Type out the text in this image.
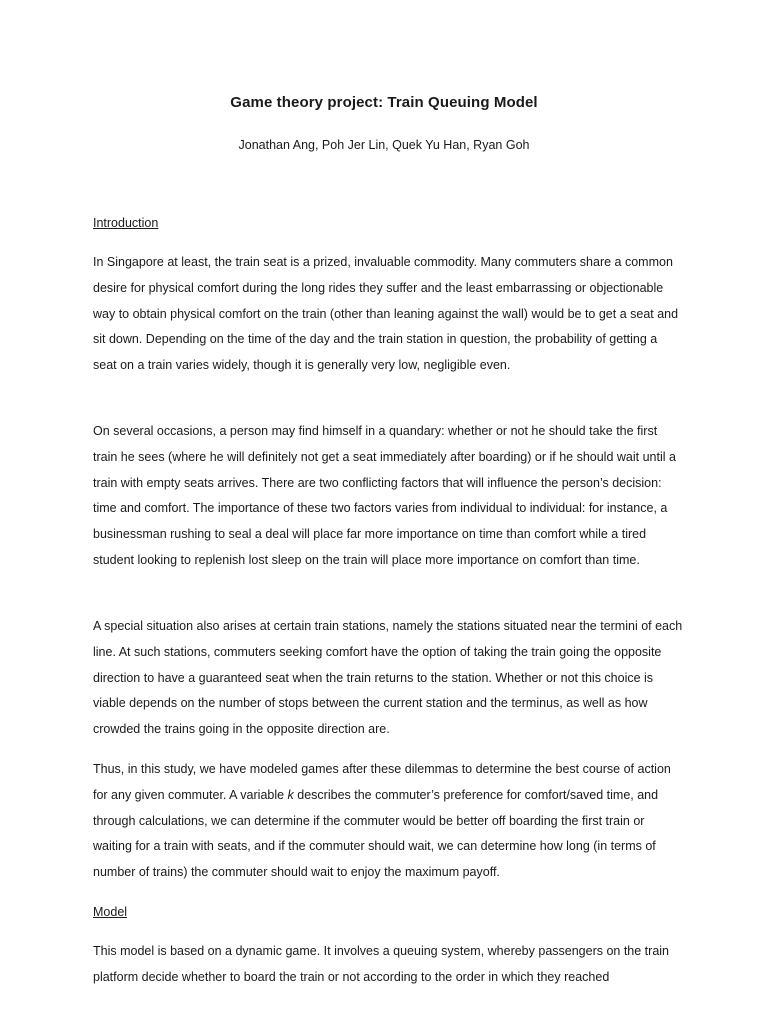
Game theory project: Train Queuing Model
Jonathan Ang, Poh Jer Lin, Quek Yu Han, Ryan Goh
Introduction

In Singapore at least, the train seat is a prized, invaluable commodity. Many commuters share a common desire for physical comfort during the long rides they suffer and the least embarrassing or objectionable way to obtain physical comfort on the train (other than leaning against the wall) would be to get a seat and sit down. Depending on the time of the day and the train station in question, the probability of getting a seat on a train varies widely, though it is generally very low, negligible even.

On several occasions, a person may find himself in a quandary: whether or not he should take the first train he sees (where he will definitely not get a seat immediately after boarding) or if he should wait until a train with empty seats arrives. There are two conflicting factors that will influence the person’s decision: time and comfort. The importance of these two factors varies from individual to individual: for instance, a businessman rushing to seal a deal will place far more importance on time than comfort while a tired student looking to replenish lost sleep on the train will place more importance on comfort than time.

A special situation also arises at certain train stations, namely the stations situated near the termini of each line. At such stations, commuters seeking comfort have the option of taking the train going the opposite direction to have a guaranteed seat when the train returns to the station. Whether or not this choice is viable depends on the number of stops between the current station and the terminus, as well as how crowded the trains going in the opposite direction are.

Thus, in this study, we have modeled games after these dilemmas to determine the best course of action for any given commuter. A variable k describes the commuter’s preference for comfort/saved time, and through calculations, we can determine if the commuter would be better off boarding the first train or waiting for a train with seats, and if the commuter should wait, we can determine how long (in terms of number of trains) the commuter should wait to enjoy the maximum payoff.

Model

This model is based on a dynamic game. It involves a queuing system, whereby passengers on the train platform decide whether to board the train or not according to the order in which they reached
